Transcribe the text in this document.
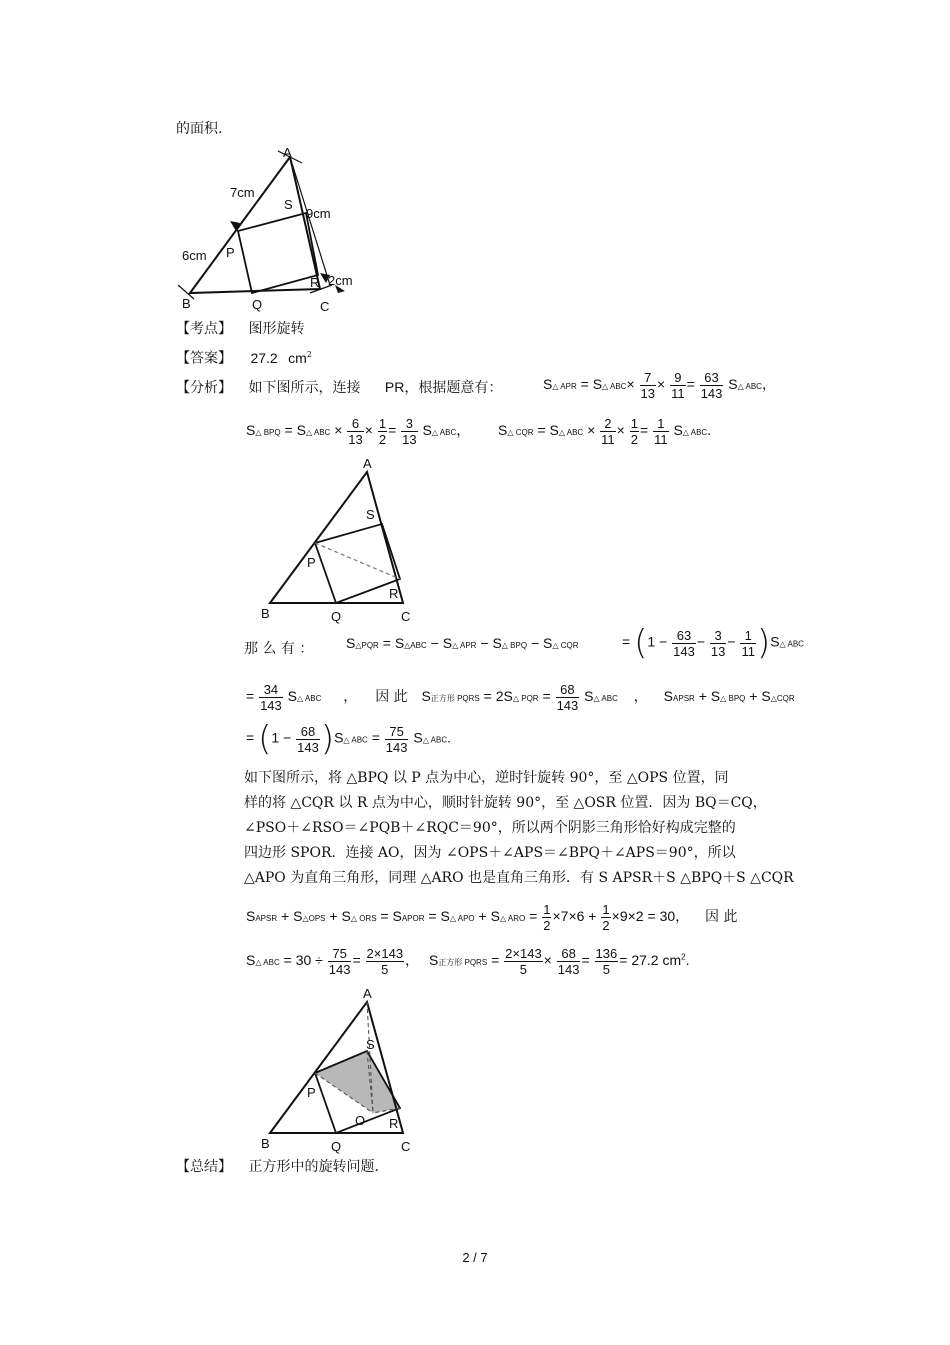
的面积.
A
B	C
P
Q
R
S
7cm
6cm
9cm
2cm
【考点】 图形旋转
【答案】 27.2 $cm^2$
【分析】 如下图所示，连接 PR，根据题意有：	S△ APR = S△ $ABC\times \frac{7}{13} \times \frac{9}{11} = \frac{63}{143}$ S△ ABC，
S△ BPQ = S△ ABC × $\frac{6}{13} \times \frac{1}{2} = \frac{3}{13}$ S△ ABC， S△ CQR = S△ ABC × $\frac{2}{11} \times \frac{1}{2} = \frac{1}{11}$ S△ ABC.
A
B	C
P
Q
R
S
那 么 有 ： S△PQR = S△ABC − S△ APR − S△ BPQ − S△ CQR	= ($1 - \frac{63}{143} - \frac{3}{13} - \frac{1}{11}$ )S△ ABC
= $\frac{34}{143}$ S△ ABC ， 因 此 S正方形 PQRS = 2S△ PQR = $\frac{68}{143}$ S△ ABC ， SAPSR + S△ BPQ + S△CQR
= ($1 - \frac{68}{143}$ )S△ ABC = $\frac{75}{143}$ S△ ABC.
如下图所示，将 △BPQ 以 P 点为中心，逆时针旋转 90°，至 △OPS 位置，同
样的将 △CQR 以 R 点为中心，顺时针旋转 90°，至 △OSR 位置．因为 BQ＝CQ，
∠PSO＋∠RSO＝∠PQB＋∠RQC＝90°，所以两个阴影三角形恰好构成完整的
四边形 SPOR．连接 AO，因为 ∠OPS＋∠APS＝∠BPQ＋∠APS＝90°，所以
△APO 为直角三角形，同理 △ARO 也是直角三角形．有 S APSR＋S △BPQ＋S △CQR
SAPSR + S△OPS + S△ ORS = SAPOR = S△ APO + S△ ARO = $\frac{1}{2} \times 7\times 6 + \frac{1}{2} \times 9\times 2 = 30$， 因 此
S△ ABC = $30 \div \frac{75}{143} = \frac{2\times 143}{5}$ ， S正方形 PQRS = $\frac{2\times 143}{5} \times \frac{68}{143} = \frac{136}{5} = 27.2$ $cm^2$.
A
B	C
P
Q
R
S
O
【总结】 正方形中的旋转问题.
2 / 7
